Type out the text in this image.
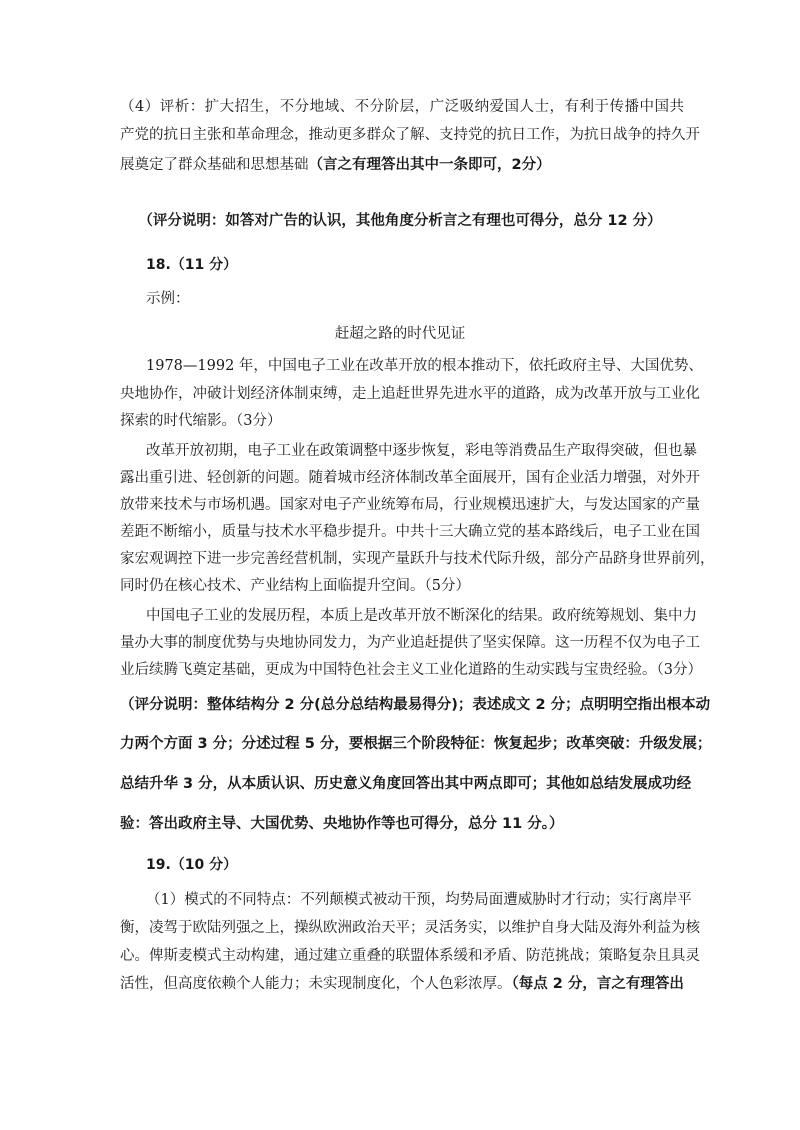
（4）评析：扩大招生，不分地域、不分阶层，广泛吸纳爱国人士，有利于传播中国共
产党的抗日主张和革命理念，推动更多群众了解、支持党的抗日工作，为抗日战争的持久开
展奠定了群众基础和思想基础（言之有理答出其中一条即可，2分）
（评分说明：如答对广告的认识，其他角度分析言之有理也可得分，总分 12 分）
18.（11 分）
示例：
赶超之路的时代见证
1978—1992 年，中国电子工业在改革开放的根本推动下，依托政府主导、大国优势、
央地协作，冲破计划经济体制束缚，走上追赶世界先进水平的道路，成为改革开放与工业化
探索的时代缩影。（3分）
改革开放初期，电子工业在政策调整中逐步恢复，彩电等消费品生产取得突破，但也暴
露出重引进、轻创新的问题。随着城市经济体制改革全面展开，国有企业活力增强，对外开
放带来技术与市场机遇。国家对电子产业统筹布局，行业规模迅速扩大，与发达国家的产量
差距不断缩小，质量与技术水平稳步提升。中共十三大确立党的基本路线后，电子工业在国
家宏观调控下进一步完善经营机制，实现产量跃升与技术代际升级，部分产品跻身世界前列，
同时仍在核心技术、产业结构上面临提升空间。（5分）
中国电子工业的发展历程，本质上是改革开放不断深化的结果。政府统筹规划、集中力
量办大事的制度优势与央地协同发力，为产业追赶提供了坚实保障。这一历程不仅为电子工
业后续腾飞奠定基础，更成为中国特色社会主义工业化道路的生动实践与宝贵经验。（3分）
（评分说明：整体结构分 2 分(总分总结构最易得分)；表述成文 2 分；点明明空指出根本动
力两个方面 3 分；分述过程 5 分，要根据三个阶段特征：恢复起步；改革突破：升级发展；
总结升华 3 分，从本质认识、历史意义角度回答出其中两点即可；其他如总结发展成功经
验：答出政府主导、大国优势、央地协作等也可得分，总分 11 分。）
19.（10 分）
（1）模式的不同特点：不列颠模式被动干预，均势局面遭威胁时才行动；实行离岸平
衡，凌驾于欧陆列强之上，操纵欧洲政治天平；灵活务实，以维护自身大陆及海外利益为核
心。俾斯麦模式主动构建，通过建立重叠的联盟体系缓和矛盾、防范挑战；策略复杂且具灵
活性，但高度依赖个人能力；未实现制度化，个人色彩浓厚。（每点 2 分，言之有理答出
